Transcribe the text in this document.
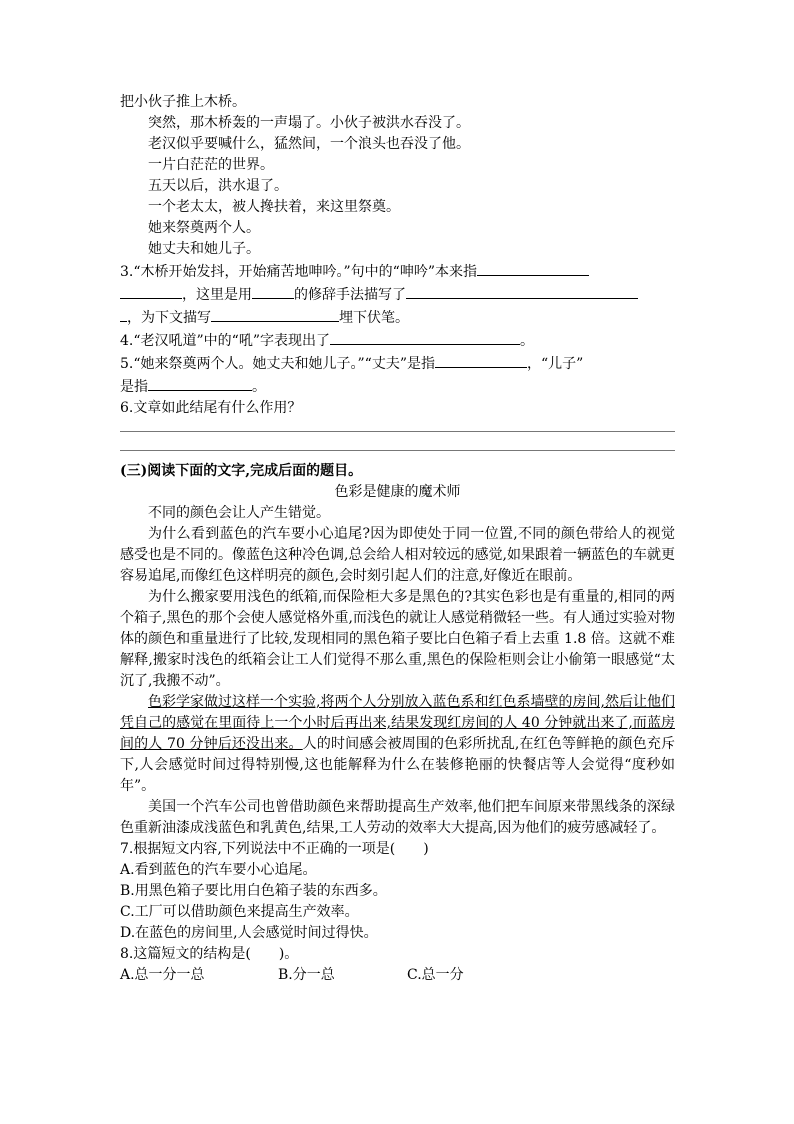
把小伙子推上木桥。
突然，那木桥轰的一声塌了。小伙子被洪水吞没了。
老汉似乎要喊什么，猛然间，一个浪头也吞没了他。
一片白茫茫的世界。
五天以后，洪水退了。
一个老太太，被人搀扶着，来这里祭奠。
她来祭奠两个人。
她丈夫和她儿子。
3.“木桥开始发抖，开始痛苦地呻吟。”句中的“呻吟”本来指
，这里是用	的修辞手法描写了
，为下文描写	埋下伏笔。
4.“老汉吼道”中的“吼”字表现出了	。
5.“她来祭奠两个人。她丈夫和她儿子。”“丈夫”是指	，“儿子”
是指	。
6.文章如此结尾有什么作用？
(三)阅读下面的文字,完成后面的题目。
色彩是健康的魔术师
不同的颜色会让人产生错觉。
为什么看到蓝色的汽车要小心追尾?因为即使处于同一位置,不同的颜色带给人的视觉感受也是不同的。像蓝色这种冷色调,总会给人相对较远的感觉,如果跟着一辆蓝色的车就更容易追尾,而像红色这样明亮的颜色,会时刻引起人们的注意,好像近在眼前。
为什么搬家要用浅色的纸箱,而保险柜大多是黑色的?其实色彩也是有重量的,相同的两个箱子,黑色的那个会使人感觉格外重,而浅色的就让人感觉稍微轻一些。有人通过实验对物体的颜色和重量进行了比较,发现相同的黑色箱子要比白色箱子看上去重 1.8 倍。这就不难解释,搬家时浅色的纸箱会让工人们觉得不那么重,黑色的保险柜则会让小偷第一眼感觉“太沉了,我搬不动”。
色彩学家做过这样一个实验,将两个人分别放入蓝色系和红色系墙壁的房间,然后让他们凭自己的感觉在里面待上一个小时后再出来,结果发现红房间的人 40 分钟就出来了,而蓝房间的人 70 分钟后还没出来。人的时间感会被周围的色彩所扰乱,在红色等鲜艳的颜色充斥下,人会感觉时间过得特别慢,这也能解释为什么在装修艳丽的快餐店等人会觉得“度秒如年”。
美国一个汽车公司也曾借助颜色来帮助提高生产效率,他们把车间原来带黑线条的深绿色重新油漆成浅蓝色和乳黄色,结果,工人劳动的效率大大提高,因为他们的疲劳感减轻了。
7.根据短文内容,下列说法中不正确的一项是(　　)
A.看到蓝色的汽车要小心追尾。
B.用黑色箱子要比用白色箱子装的东西多。
C.工厂可以借助颜色来提高生产效率。
D.在蓝色的房间里,人会感觉时间过得快。
8.这篇短文的结构是(　　)。
A.总一分一总	B.分一总	C.总一分
